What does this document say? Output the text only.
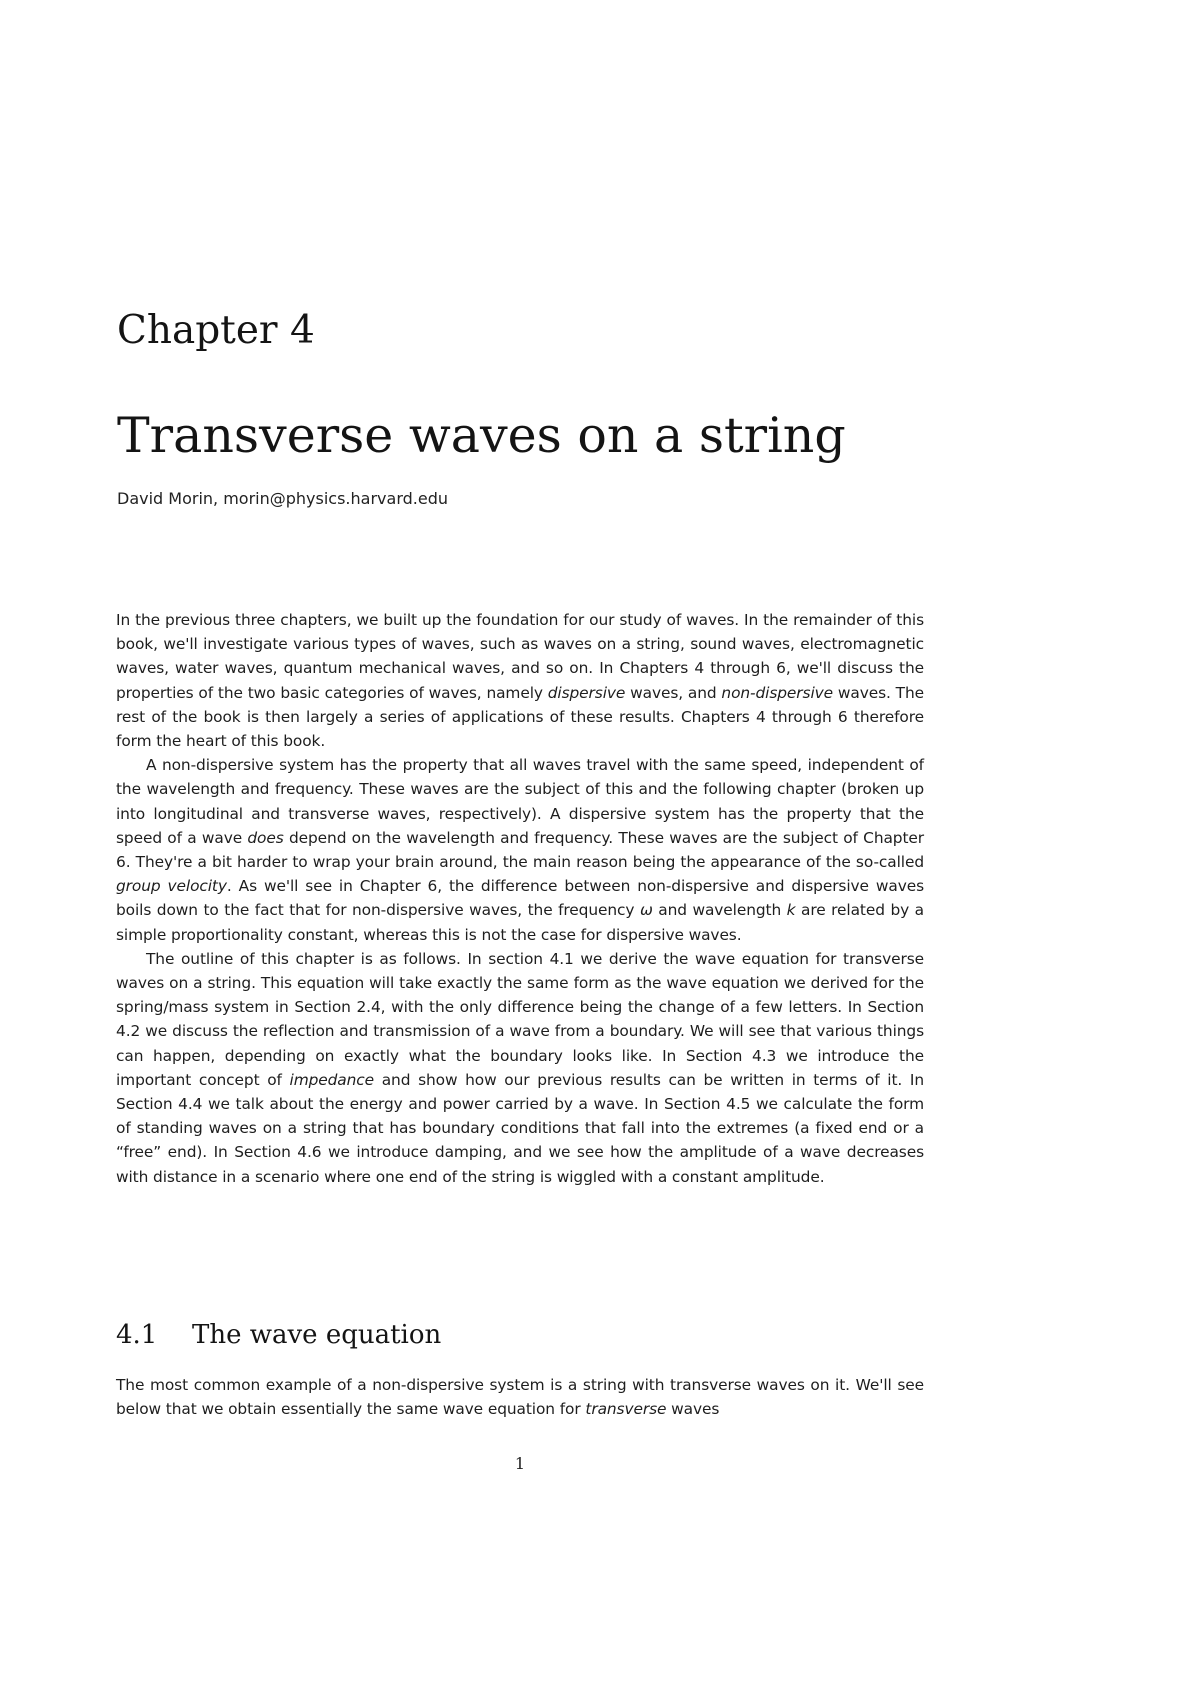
Chapter 4
Transverse waves on a string
David Morin, morin@physics.harvard.edu

In the previous three chapters, we built up the foundation for our study of waves. In the remainder of this book, we'll investigate various types of waves, such as waves on a string, sound waves, electromagnetic waves, water waves, quantum mechanical waves, and so on. In Chapters 4 through 6, we'll discuss the properties of the two basic categories of waves, namely dispersive waves, and non-dispersive waves. The rest of the book is then largely a series of applications of these results. Chapters 4 through 6 therefore form the heart of this book.

A non-dispersive system has the property that all waves travel with the same speed, independent of the wavelength and frequency. These waves are the subject of this and the following chapter (broken up into longitudinal and transverse waves, respectively). A dispersive system has the property that the speed of a wave does depend on the wavelength and frequency. These waves are the subject of Chapter 6. They're a bit harder to wrap your brain around, the main reason being the appearance of the so-called group velocity. As we'll see in Chapter 6, the difference between non-dispersive and dispersive waves boils down to the fact that for non-dispersive waves, the frequency ω and wavelength k are related by a simple proportionality constant, whereas this is not the case for dispersive waves.

The outline of this chapter is as follows. In section 4.1 we derive the wave equation for transverse waves on a string. This equation will take exactly the same form as the wave equation we derived for the spring/mass system in Section 2.4, with the only difference being the change of a few letters. In Section 4.2 we discuss the reflection and transmission of a wave from a boundary. We will see that various things can happen, depending on exactly what the boundary looks like. In Section 4.3 we introduce the important concept of impedance and show how our previous results can be written in terms of it. In Section 4.4 we talk about the energy and power carried by a wave. In Section 4.5 we calculate the form of standing waves on a string that has boundary conditions that fall into the extremes (a fixed end or a “free” end). In Section 4.6 we introduce damping, and we see how the amplitude of a wave decreases with distance in a scenario where one end of the string is wiggled with a constant amplitude.

4.1 The wave equation

The most common example of a non-dispersive system is a string with transverse waves on it. We'll see below that we obtain essentially the same wave equation for transverse waves

1
